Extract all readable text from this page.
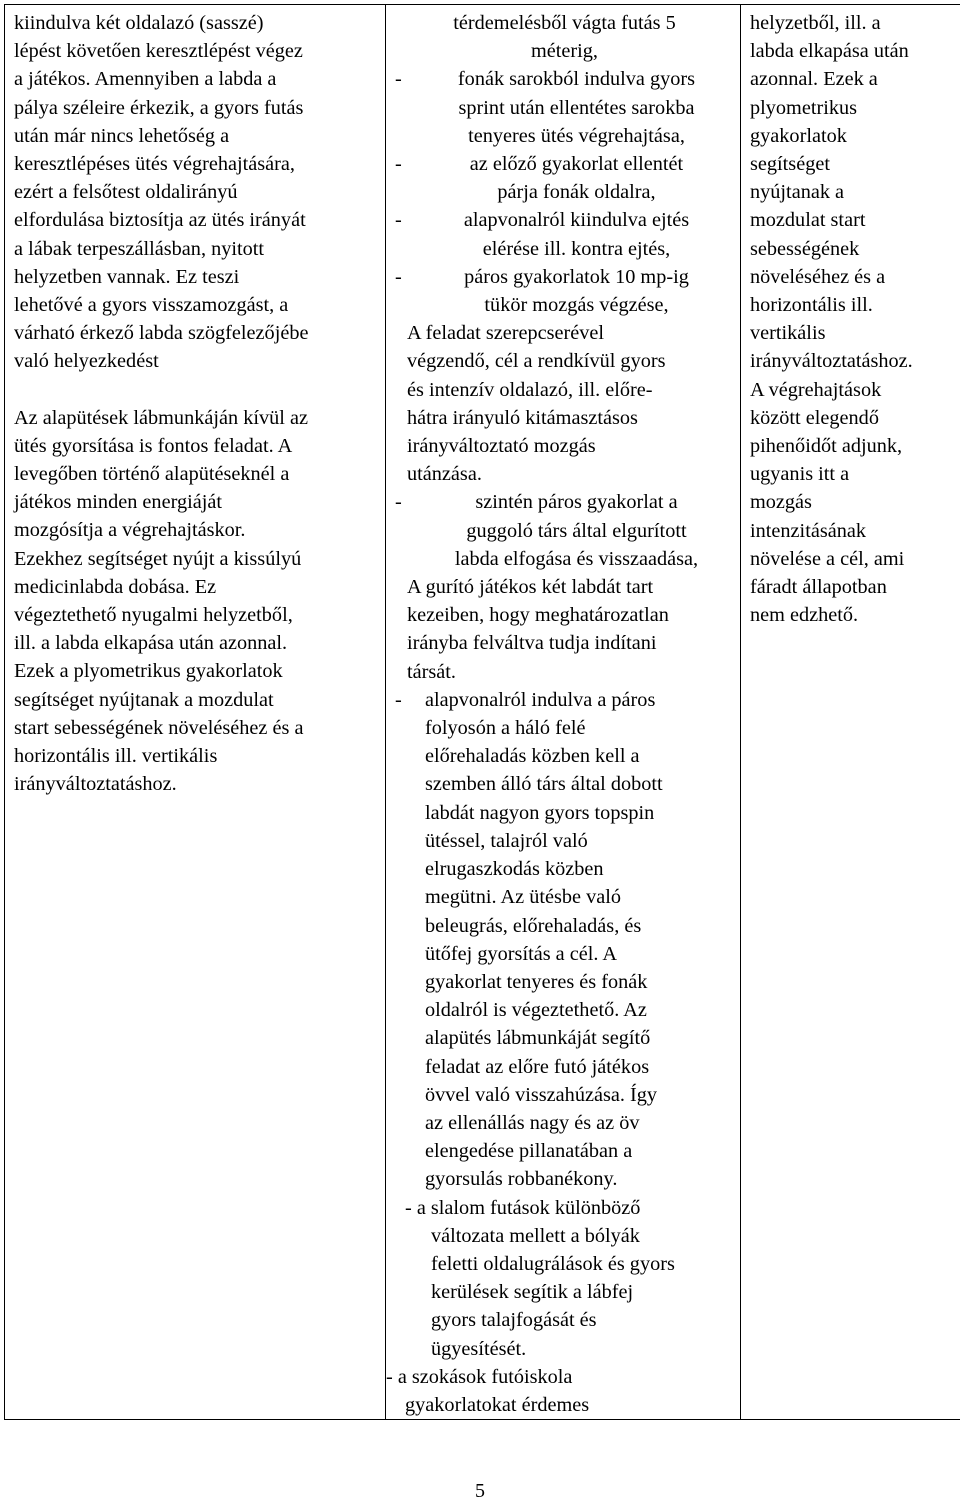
kiindulva két oldalazó (sasszé)
lépést követően keresztlépést végez
a játékos. Amennyiben a labda a
pálya széleire érkezik, a gyors futás
után már nincs lehetőség a
keresztlépéses ütés végrehajtására,
ezért a felsőtest oldalirányú
elfordulása biztosítja az ütés irányát
a lábak terpeszállásban, nyitott
helyzetben vannak. Ez teszi
lehetővé a gyors visszamozgást, a
várható érkező labda szögfelezőjébe
való helyezkedést
Az alapütések lábmunkáján kívül az
ütés gyorsítása is fontos feladat. A
levegőben történő alapütéseknél a
játékos minden energiáját
mozgósítja a végrehajtáskor.
Ezekhez segítséget nyújt a kissúlyú
medicinlabda dobása. Ez
végeztethető nyugalmi helyzetből,
ill. a labda elkapása után azonnal.
Ezek a plyometrikus gyakorlatok
segítséget nyújtanak a mozdulat
start sebességének növeléséhez és a
horizontális ill. vertikális
irányváltoztatáshoz.

térdemelésből vágta futás 5
méterig,
-	fonák sarokból indulva gyors
sprint után ellentétes sarokba
tenyeres ütés végrehajtása,
-	az előző gyakorlat ellentét
párja fonák oldalra,
-	alapvonalról kiindulva ejtés
elérése ill. kontra ejtés,
-	páros gyakorlatok 10 mp-ig
tükör mozgás végzése,
A feladat szerepcserével
végzendő, cél a rendkívül gyors
és intenzív oldalazó, ill. előre-
hátra irányuló kitámasztásos
irányváltoztató mozgás
utánzása.
-	szintén páros gyakorlat a
guggoló társ által elgurított
labda elfogása és visszaadása,
A gurító játékos két labdát tart
kezeiben, hogy meghatározatlan
irányba felváltva tudja indítani
társát.
-	alapvonalról indulva a páros
folyosón a háló felé
előrehaladás közben kell a
szemben álló társ által dobott
labdát nagyon gyors topspin
ütéssel, talajról való
elrugaszkodás közben
megütni. Az ütésbe való
beleugrás, előrehaladás, és
ütőfej gyorsítás a cél. A
gyakorlat tenyeres és fonák
oldalról is végeztethető. Az
alapütés lábmunkáját segítő
feladat az előre futó játékos
övvel való visszahúzása. Így
az ellenállás nagy és az öv
elengedése pillanatában a
gyorsulás robbanékony.
- a slalom futások különböző
változata mellett a bólyák
feletti oldalugrálások és gyors
kerülések segítik a lábfej
gyors talajfogását és
ügyesítését.
- a szokások futóiskola
gyakorlatokat érdemes

helyzetből, ill. a
labda elkapása után
azonnal. Ezek a
plyometrikus
gyakorlatok
segítséget
nyújtanak a
mozdulat start
sebességének
növeléséhez és a
horizontális ill.
vertikális
irányváltoztatáshoz.
A végrehajtások
között elegendő
pihenőidőt adjunk,
ugyanis itt a
mozgás
intenzitásának
növelése a cél, ami
fáradt állapotban
nem edzhető.
5
